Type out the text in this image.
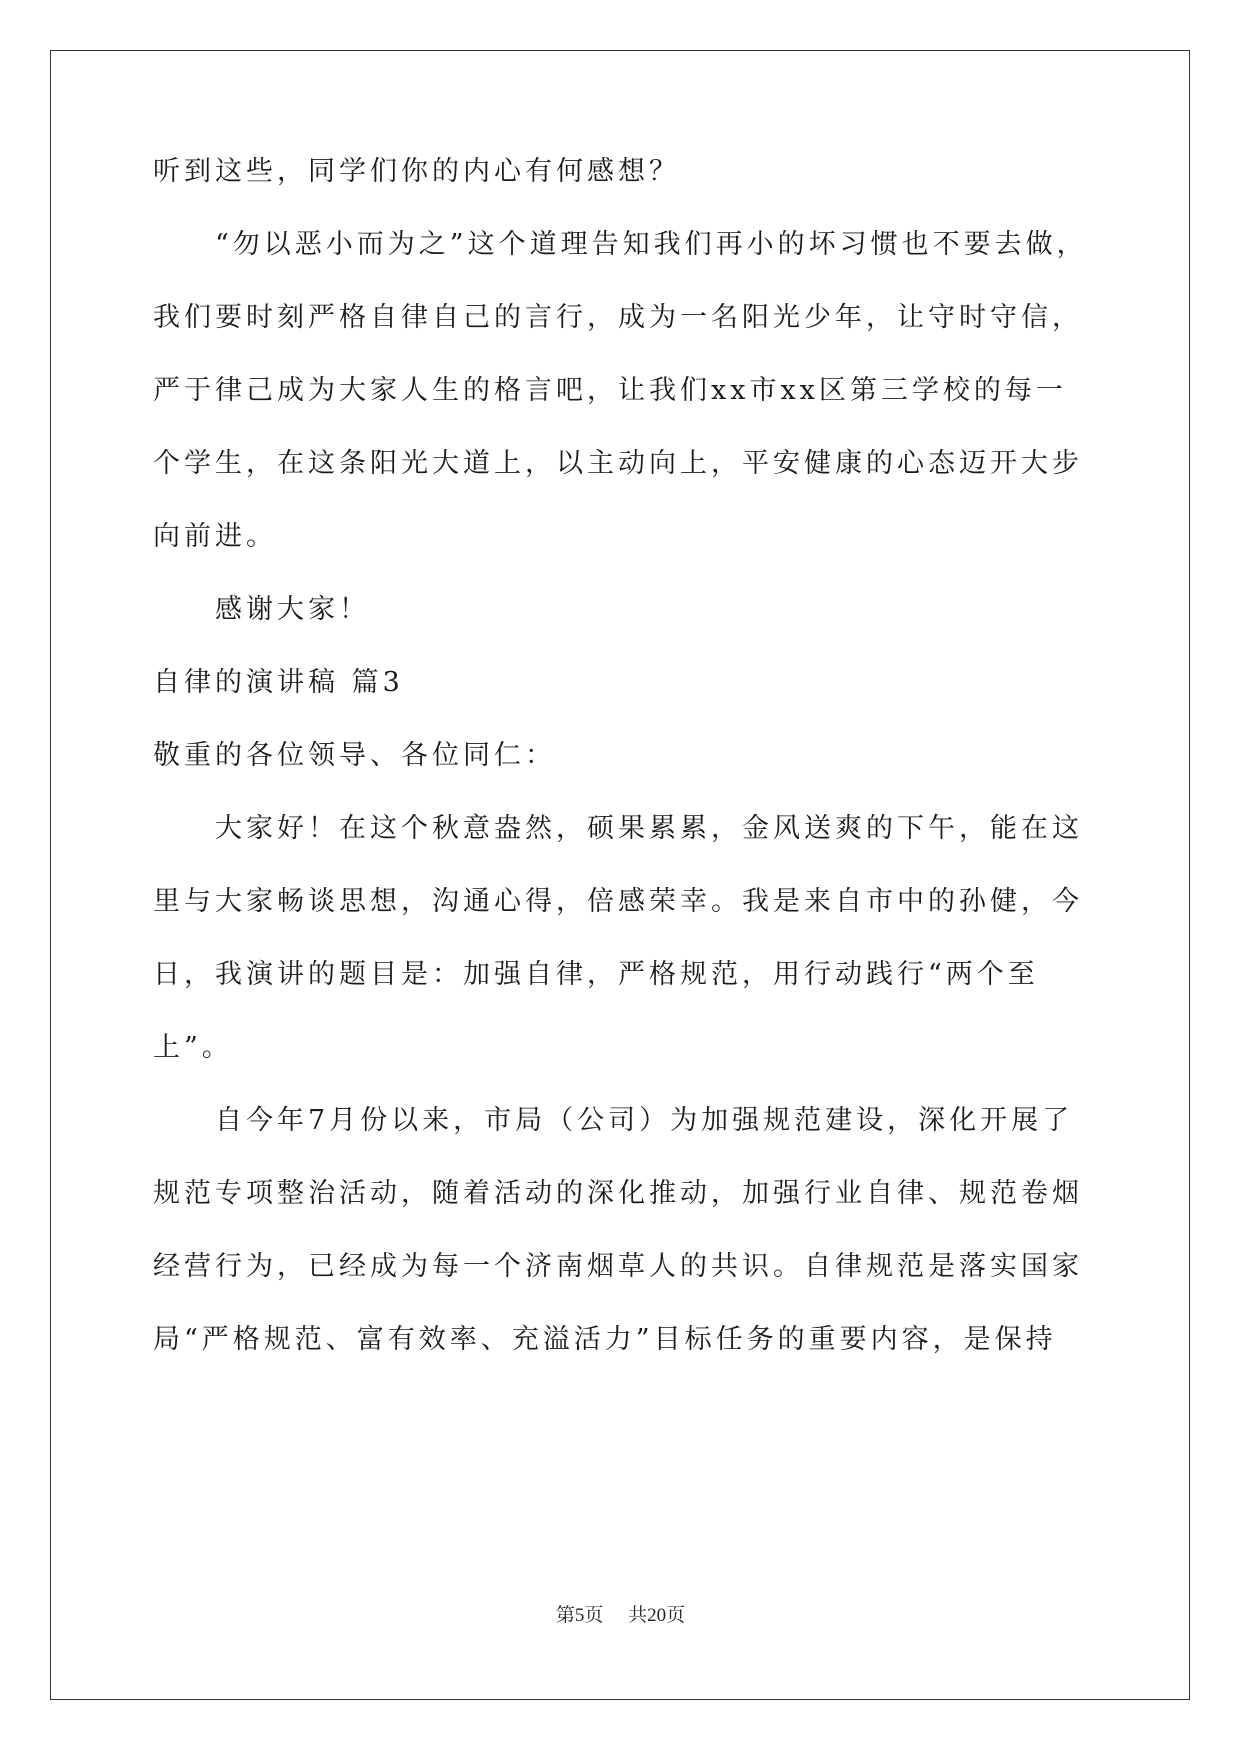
听到这些，同学们你的内心有何感想？
“勿以恶小而为之”这个道理告知我们再小的坏习惯也不要去做，
我们要时刻严格自律自己的言行，成为一名阳光少年，让守时守信，
严于律己成为大家人生的格言吧，让我们xx市xx区第三学校的每一
个学生，在这条阳光大道上，以主动向上，平安健康的心态迈开大步
向前进。
感谢大家！
自律的演讲稿 篇3
敬重的各位领导、各位同仁：
大家好！在这个秋意盎然，硕果累累，金风送爽的下午，能在这
里与大家畅谈思想，沟通心得，倍感荣幸。我是来自市中的孙健，今
日，我演讲的题目是：加强自律，严格规范，用行动践行“两个至
上”。
自今年7月份以来，市局（公司）为加强规范建设，深化开展了
规范专项整治活动，随着活动的深化推动，加强行业自律、规范卷烟
经营行为，已经成为每一个济南烟草人的共识。自律规范是落实国家
局“严格规范、富有效率、充溢活力”目标任务的重要内容，是保持
第5页 共20页
